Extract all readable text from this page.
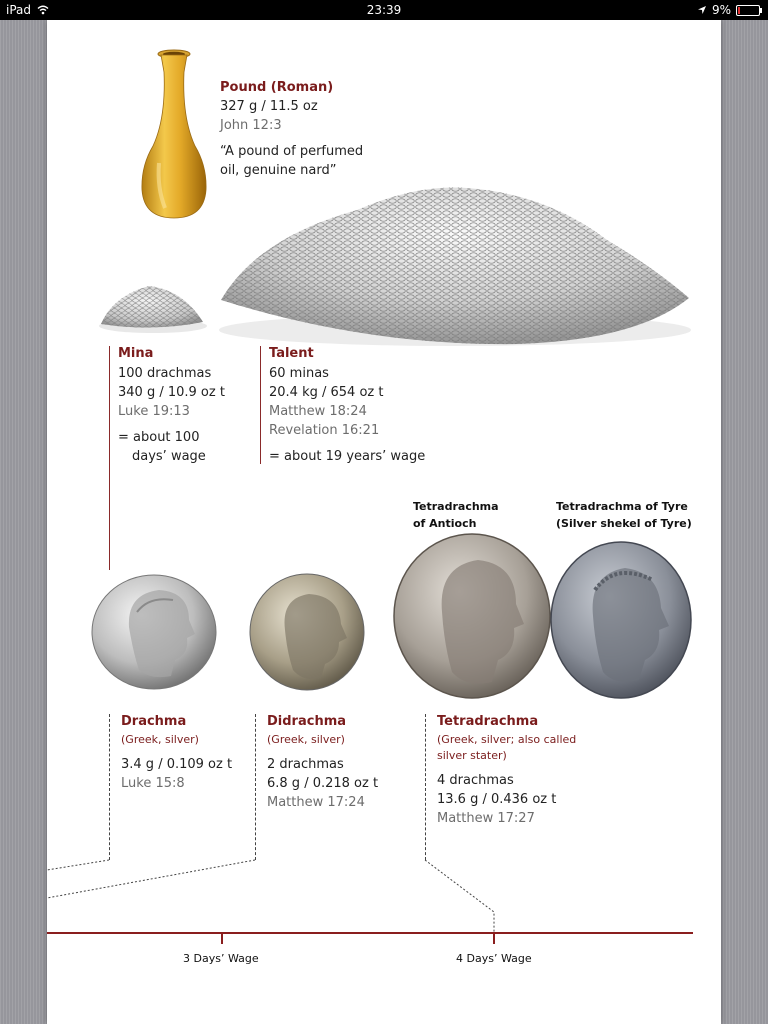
iPad	23:39	9%
Pound (Roman)
327 g / 11.5 oz
John 12:3
“A pound of perfumed
oil, genuine nard”
Mina
100 drachmas
340 g / 10.9 oz t
Luke 19:13
= about 100
days’ wage
Talent
60 minas
20.4 kg / 654 oz t
Matthew 18:24
Revelation 16:21
= about 19 years’ wage
Tetradrachma
of Antioch
Tetradrachma of Tyre
(Silver shekel of Tyre)
Drachma
(Greek, silver)
3.4 g / 0.109 oz t
Luke 15:8
Didrachma
(Greek, silver)
2 drachmas
6.8 g / 0.218 oz t
Matthew 17:24
Tetradrachma
(Greek, silver; also called
silver stater)
4 drachmas
13.6 g / 0.436 oz t
Matthew 17:27
3 Days’ Wage	4 Days’ Wage
